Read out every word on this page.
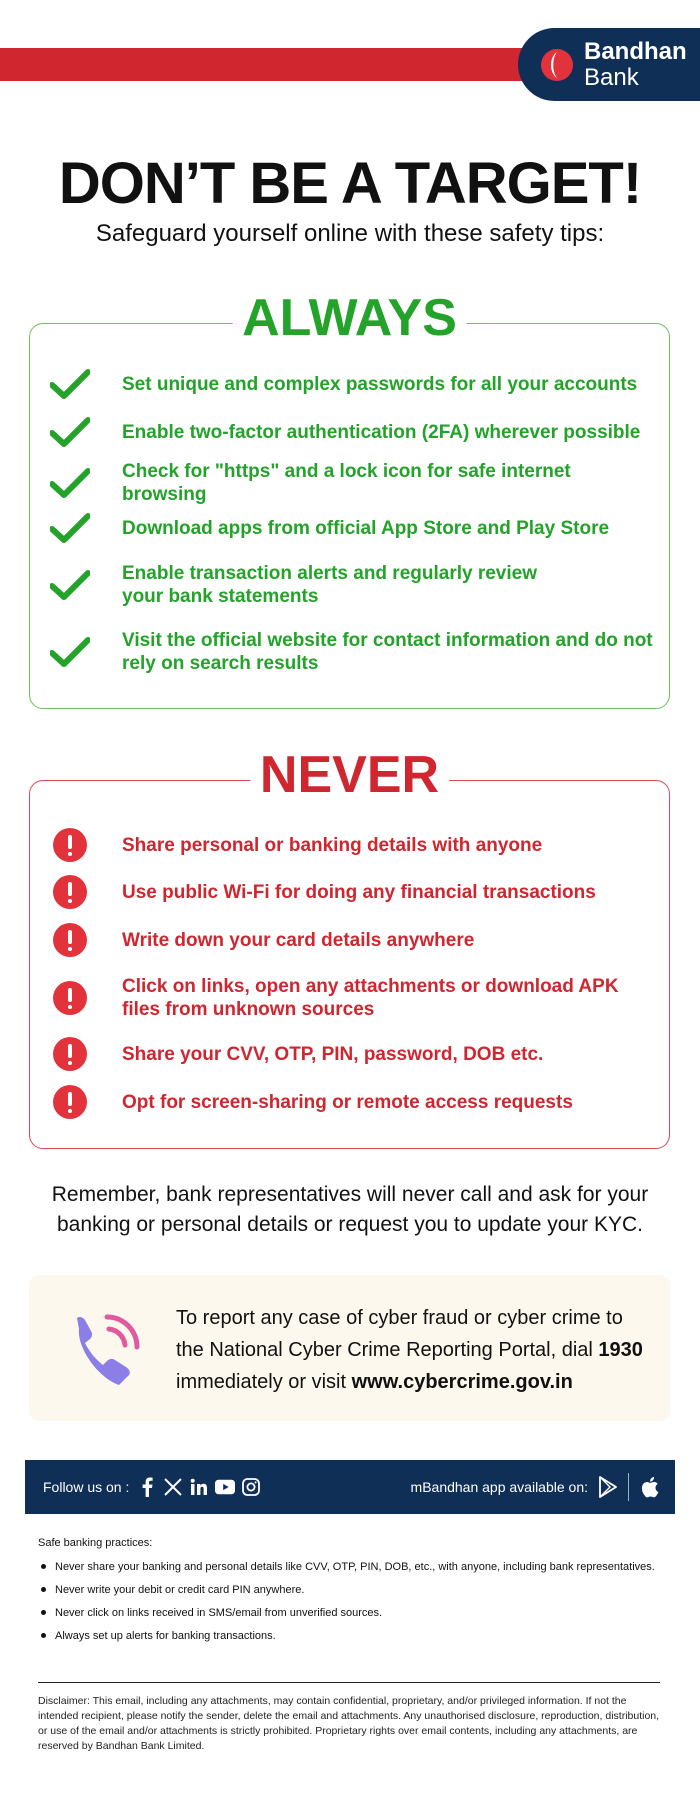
Bandhan
Bank
DON’T BE A TARGET!
Safeguard yourself online with these safety tips:
ALWAYS
Set unique and complex passwords for all your accounts
Enable two-factor authentication (2FA) wherever possible
Check for "https" and a lock icon for safe internet browsing
Download apps from official App Store and Play Store
Enable transaction alerts and regularly review your bank statements
Visit the official website for contact information and do not rely on search results
NEVER
Share personal or banking details with anyone
Use public Wi-Fi for doing any financial transactions
Write down your card details anywhere
Click on links, open any attachments or download APK files from unknown sources
Share your CVV, OTP, PIN, password, DOB etc.
Opt for screen-sharing or remote access requests
Remember, bank representatives will never call and ask for your banking or personal details or request you to update your KYC.
To report any case of cyber fraud or cyber crime to the National Cyber Crime Reporting Portal, dial 1930 immediately or visit www.cybercrime.gov.in
Follow us on :	mBandhan app available on:
Safe banking practices:
Never share your banking and personal details like CVV, OTP, PIN, DOB, etc., with anyone, including bank representatives.
Never write your debit or credit card PIN anywhere.
Never click on links received in SMS/email from unverified sources.
Always set up alerts for banking transactions.
Disclaimer: This email, including any attachments, may contain confidential, proprietary, and/or privileged information. If not the intended recipient, please notify the sender, delete the email and attachments. Any unauthorised disclosure, reproduction, distribution, or use of the email and/or attachments is strictly prohibited. Proprietary rights over email contents, including any attachments, are reserved by Bandhan Bank Limited.
